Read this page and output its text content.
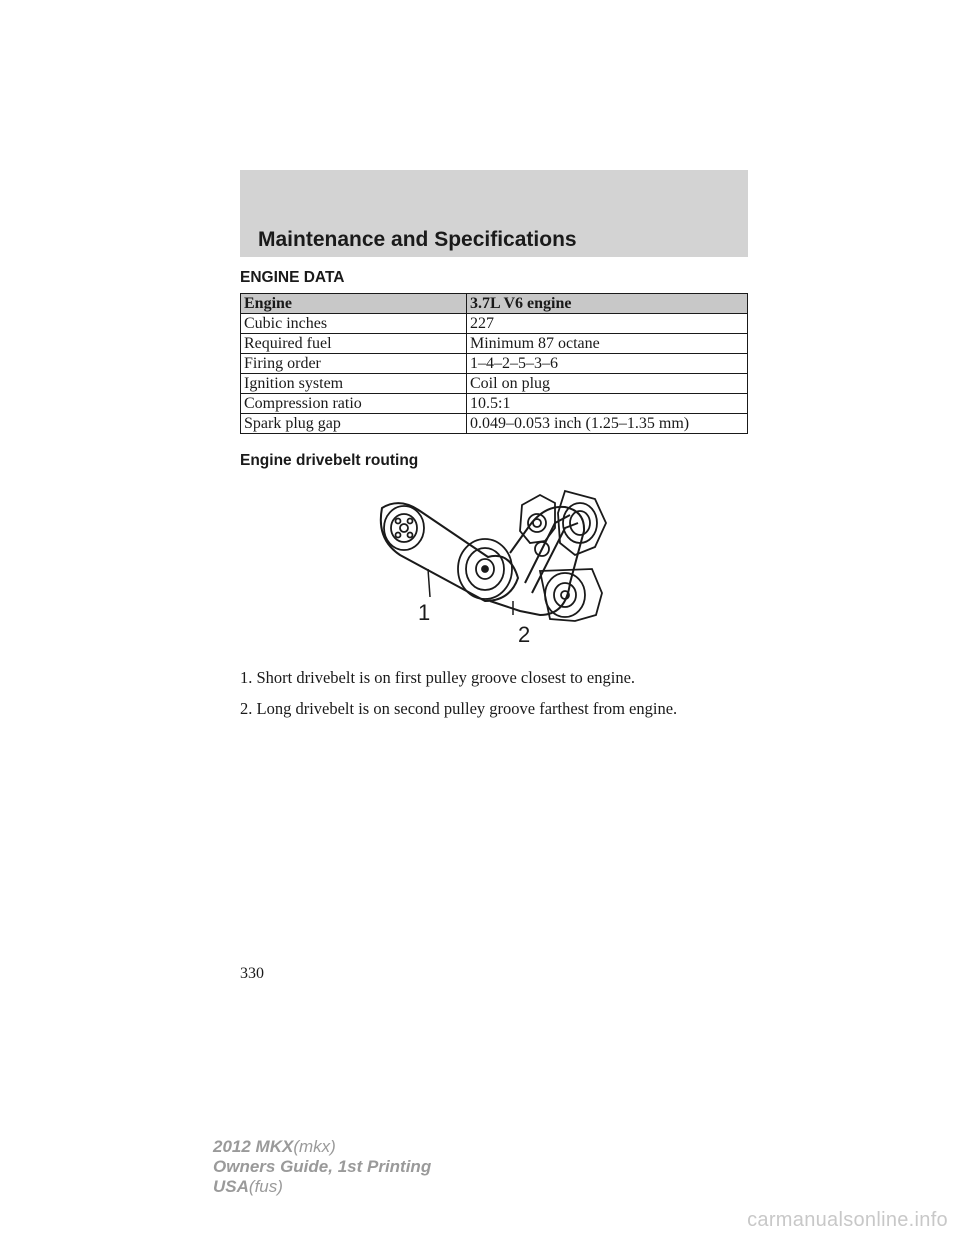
Maintenance and Specifications
ENGINE DATA
Engine	3.7L V6 engine
Cubic inches	227
Required fuel	Minimum 87 octane
Firing order	1–4–2–5–3–6
Ignition system	Coil on plug
Compression ratio	10.5:1
Spark plug gap	0.049–0.053 inch (1.25–1.35 mm)
Engine drivebelt routing
1
2
1. Short drivebelt is on first pulley groove closest to engine.
2. Long drivebelt is on second pulley groove farthest from engine.
330
2012 MKX(mkx)
Owners Guide, 1st Printing
USA(fus)
carmanualsonline.info
